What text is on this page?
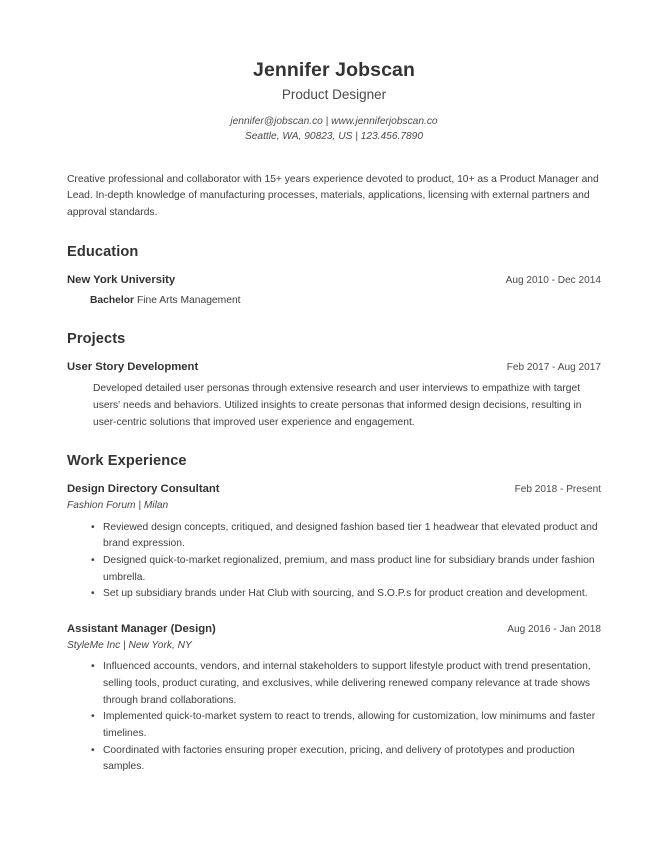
Jennifer Jobscan
Product Designer
jennifer@jobscan.co | www.jenniferjobscan.co
Seattle, WA, 90823, US | 123.456.7890
Creative professional and collaborator with 15+ years experience devoted to product, 10+ as a Product Manager and Lead. In-depth knowledge of manufacturing processes, materials, applications, licensing with external partners and approval standards.
Education
New York University	Aug 2010 - Dec 2014
Bachelor Fine Arts Management
Projects
User Story Development	Feb 2017 - Aug 2017
Developed detailed user personas through extensive research and user interviews to empathize with target users' needs and behaviors. Utilized insights to create personas that informed design decisions, resulting in user-centric solutions that improved user experience and engagement.
Work Experience
Design Directory Consultant	Feb 2018 - Present
Fashion Forum | Milan
• Reviewed design concepts, critiqued, and designed fashion based tier 1 headwear that elevated product and brand expression.
• Designed quick-to-market regionalized, premium, and mass product line for subsidiary brands under fashion umbrella.
• Set up subsidiary brands under Hat Club with sourcing, and S.O.P.s for product creation and development.
Assistant Manager (Design)	Aug 2016 - Jan 2018
StyleMe Inc | New York, NY
• Influenced accounts, vendors, and internal stakeholders to support lifestyle product with trend presentation, selling tools, product curating, and exclusives, while delivering renewed company relevance at trade shows through brand collaborations.
• Implemented quick-to-market system to react to trends, allowing for customization, low minimums and faster timelines.
• Coordinated with factories ensuring proper execution, pricing, and delivery of prototypes and production samples.
